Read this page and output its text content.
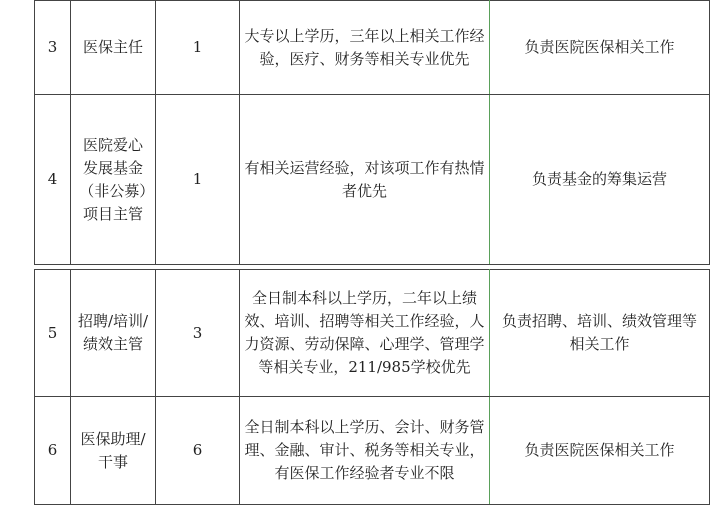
3	医保主任	1	大专以上学历，三年以上相关工作经验，医疗、财务等相关专业优先	负责医院医保相关工作
4	医院爱心发展基金（非公募）项目主管	1	有相关运营经验，对该项工作有热情者优先	负责基金的筹集运营
5	招聘/培训/绩效主管	3	全日制本科以上学历，二年以上绩效、培训、招聘等相关工作经验，人力资源、劳动保障、心理学、管理学等相关专业，211/985学校优先	负责招聘、培训、绩效管理等相关工作
6	医保助理/干事	6	全日制本科以上学历、会计、财务管理、金融、审计、税务等相关专业，有医保工作经验者专业不限	负责医院医保相关工作
